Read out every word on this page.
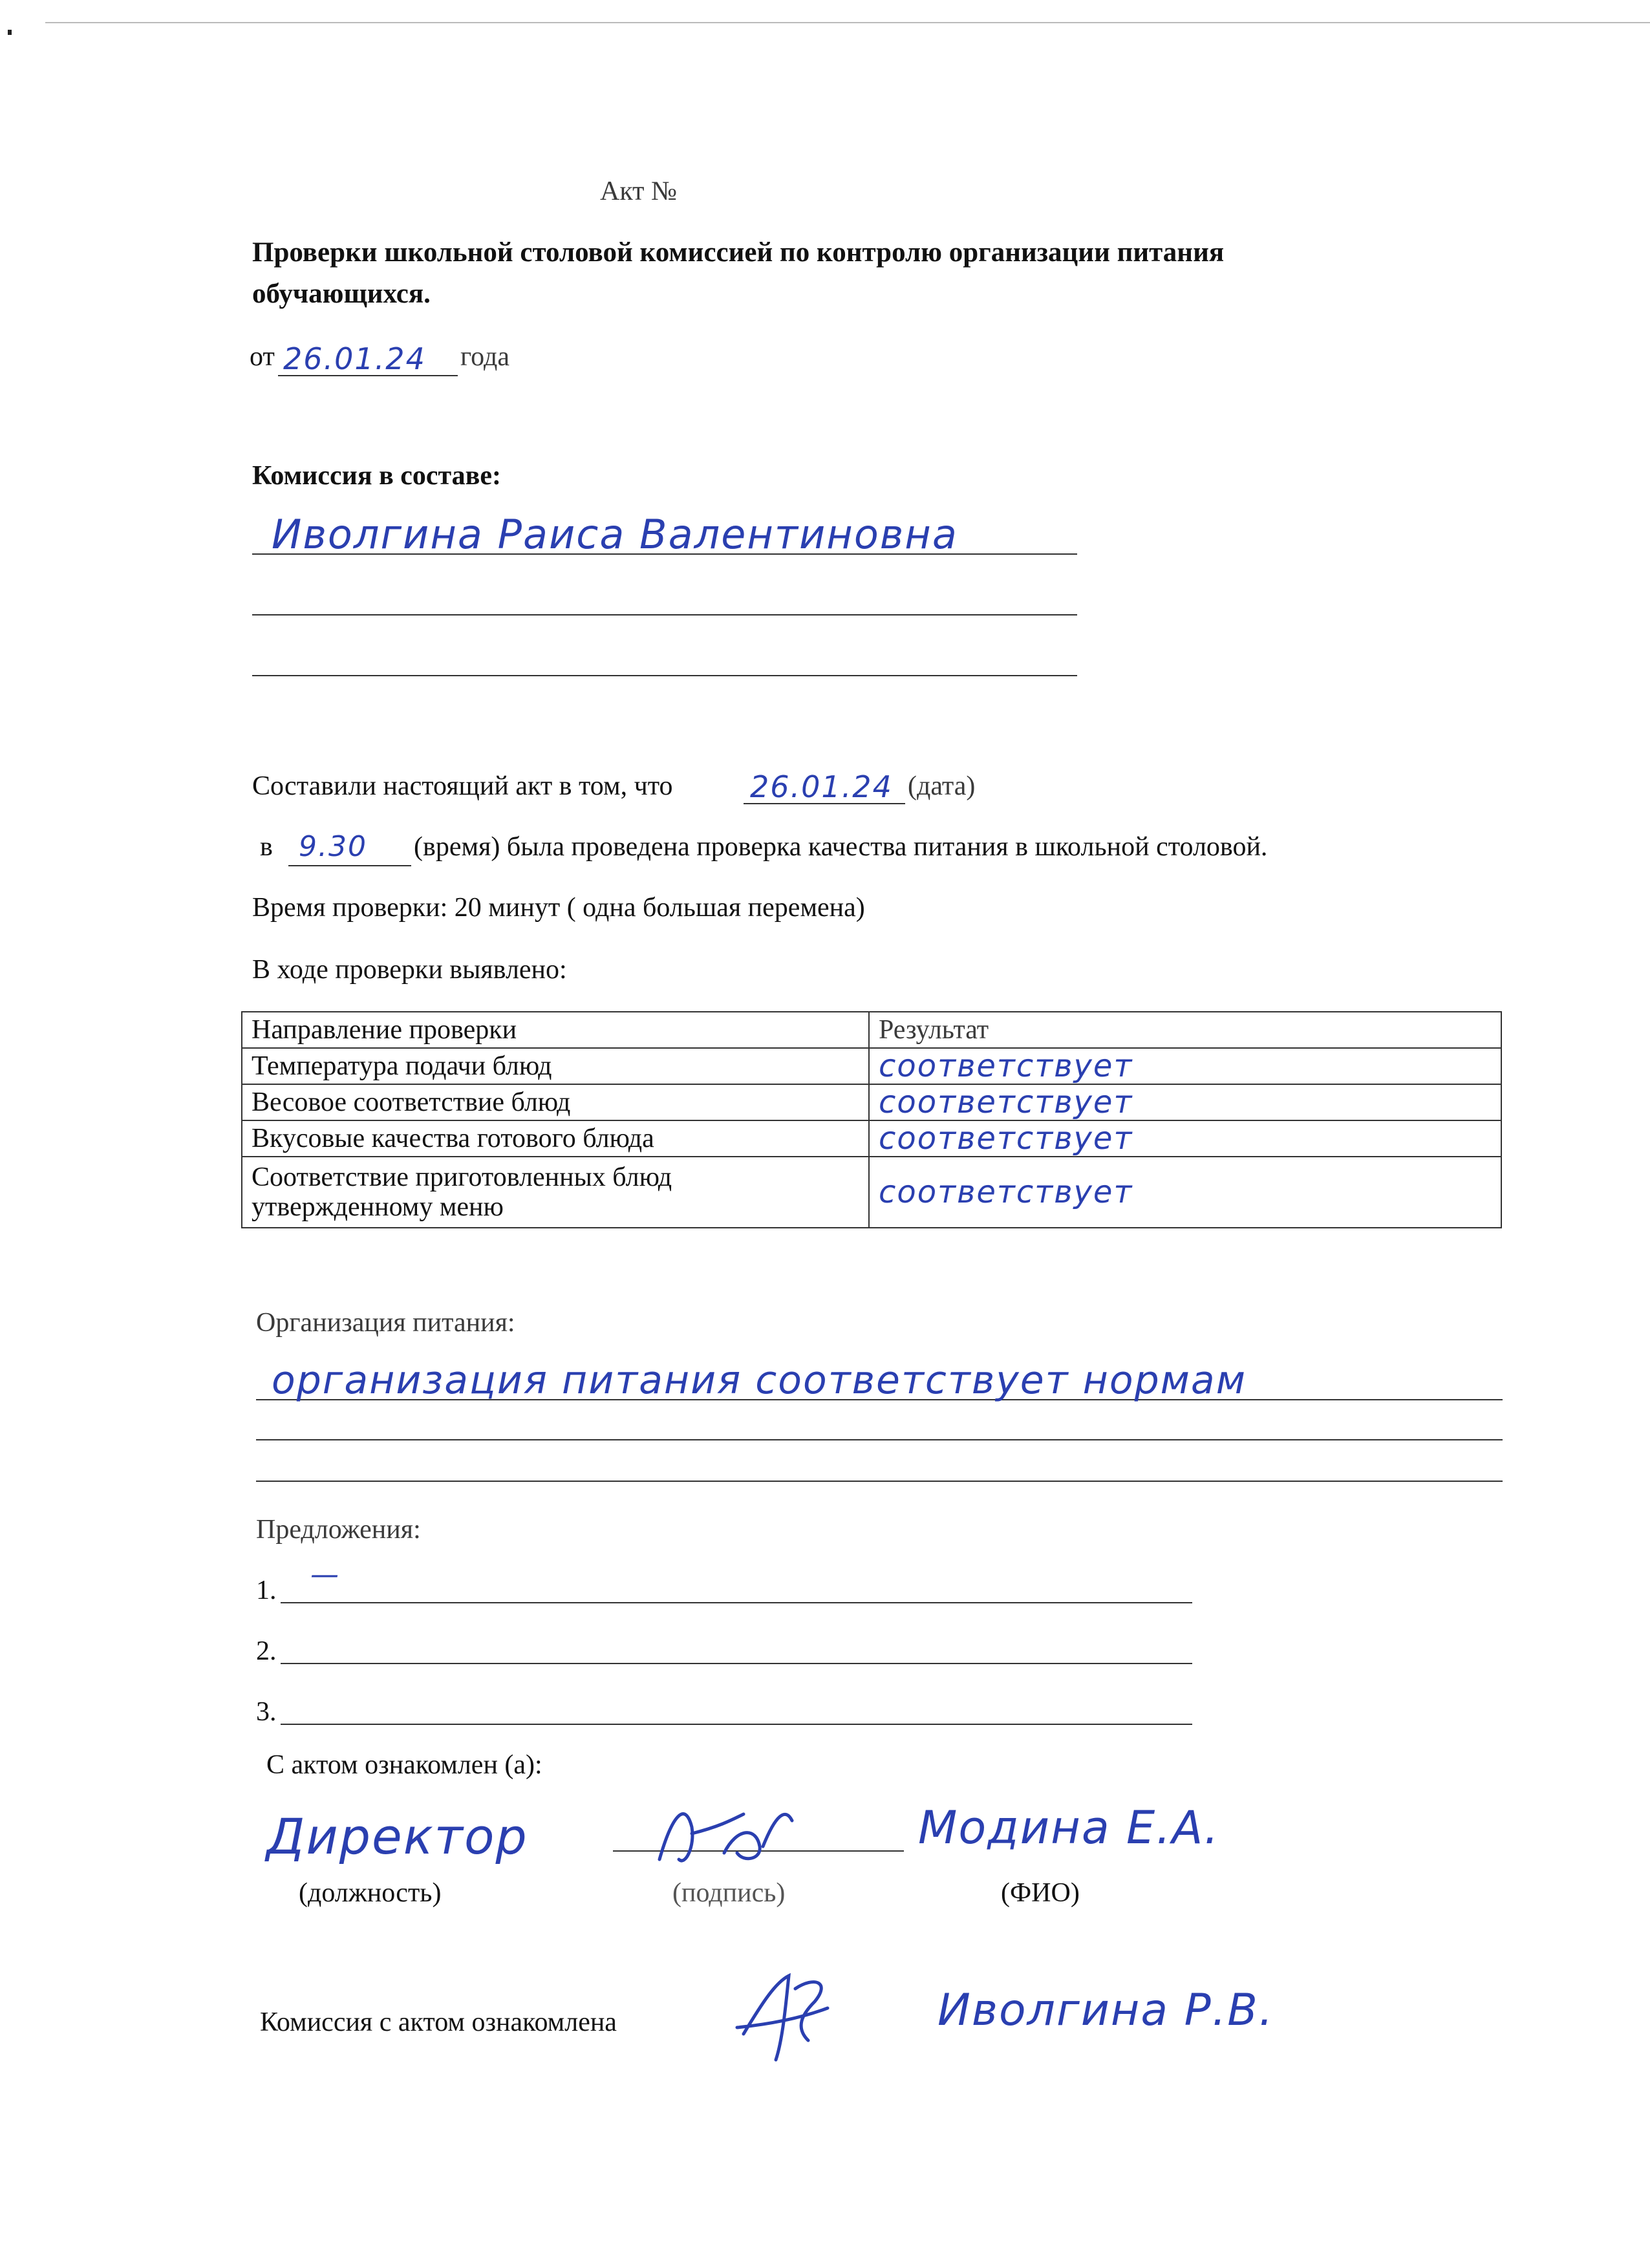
Акт №
Проверки школьной столовой комиссией по контролю организации питания
обучающихся.
от 26.01.24 года
Комиссия в составе:
Иволгина Раиса Валентиновна
Составили настоящий акт в том, что	26.01.24 (дата)
в 9.30 (время) была проведена проверка качества питания в школьной столовой.
Время проверки: 20 минут ( одна большая перемена)
В ходе проверки выявлено:
Направление проверки	Результат
Температура подачи блюд	соответствует
Весовое соответствие блюд	соответствует
Вкусовые качества готового блюда	соответствует

Соответствие приготовленных блюд
утвержденному меню	соответствует
Организация питания:
организация питания соответствует нормам
Предложения:
1. —
2.
3.
С актом ознакомлен (а):
Директор	Модина Е.А.
(должность)	(подпись)	(ФИО)
Комиссия с актом ознакомлена	Иволгина Р.В.
